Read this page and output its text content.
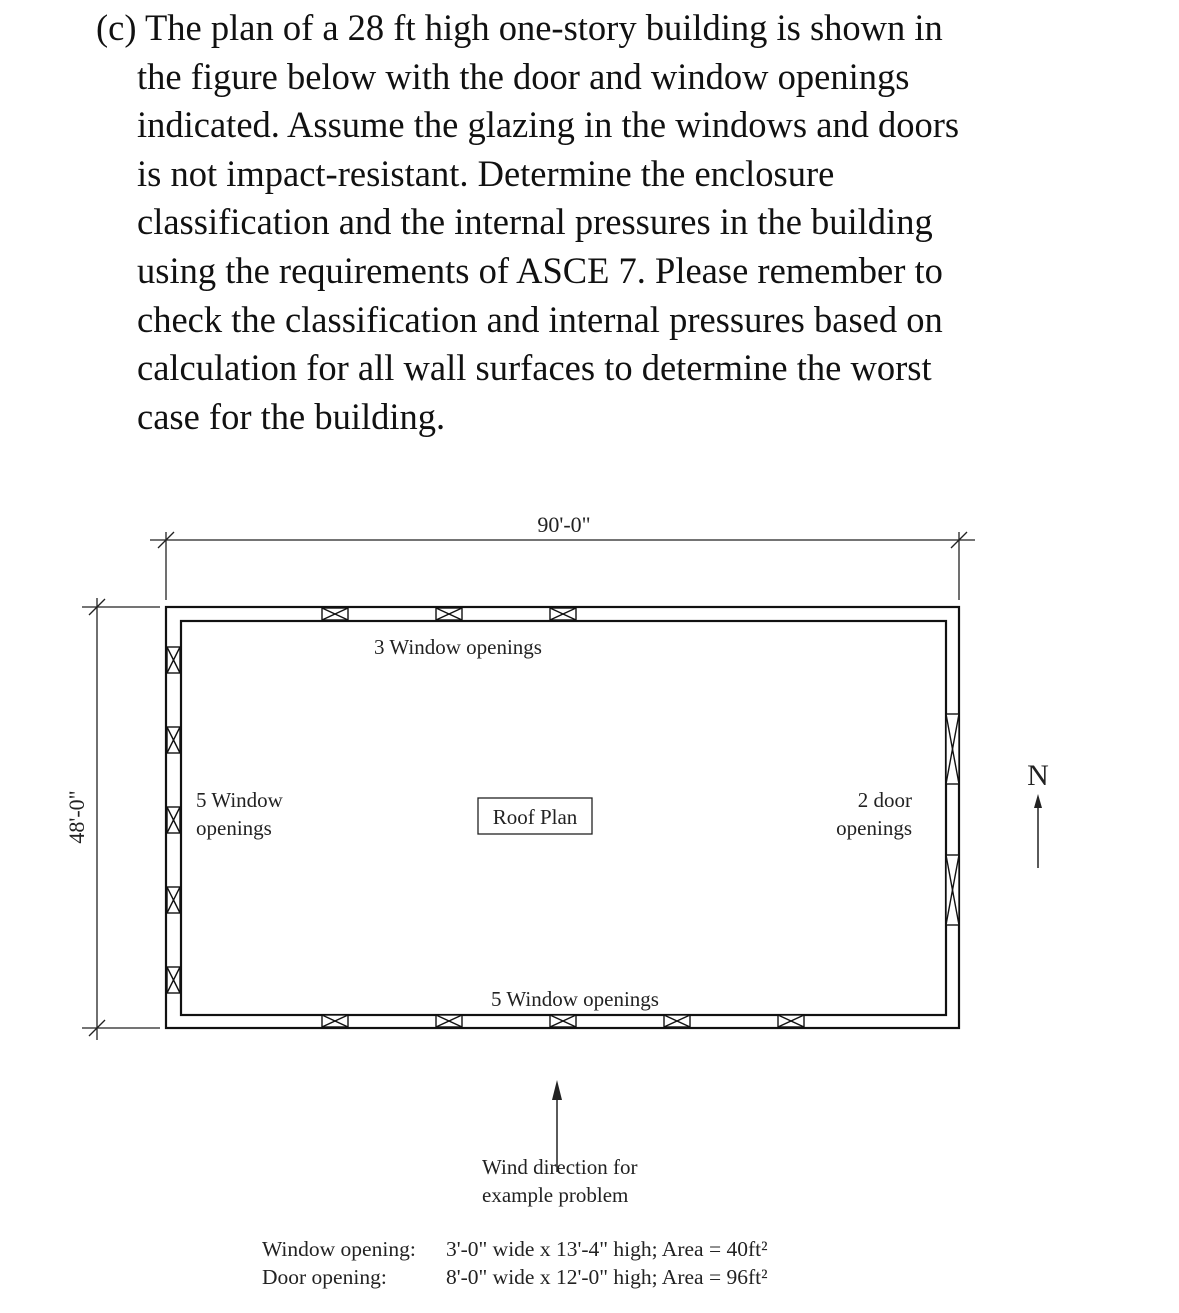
(c) The plan of a 28 ft high one-story building is shown in
the figure below with the door and window openings
indicated. Assume the glazing in the windows and doors
is not impact-resistant. Determine the enclosure
classification and the internal pressures in the building
using the requirements of ASCE 7. Please remember to
check the classification and internal pressures based on
calculation for all wall surfaces to determine the worst
case for the building.
90'-0"
48'-0"
3 Window openings
5 Window
openings	Roof Plan
2 door
openings
5 Window openings
N
Wind direction for
example problem
Window opening: 3'-0" wide x 13'-4" high; Area = 40ft²
Door opening:	8'-0" wide x 12'-0" high; Area = 96ft²
